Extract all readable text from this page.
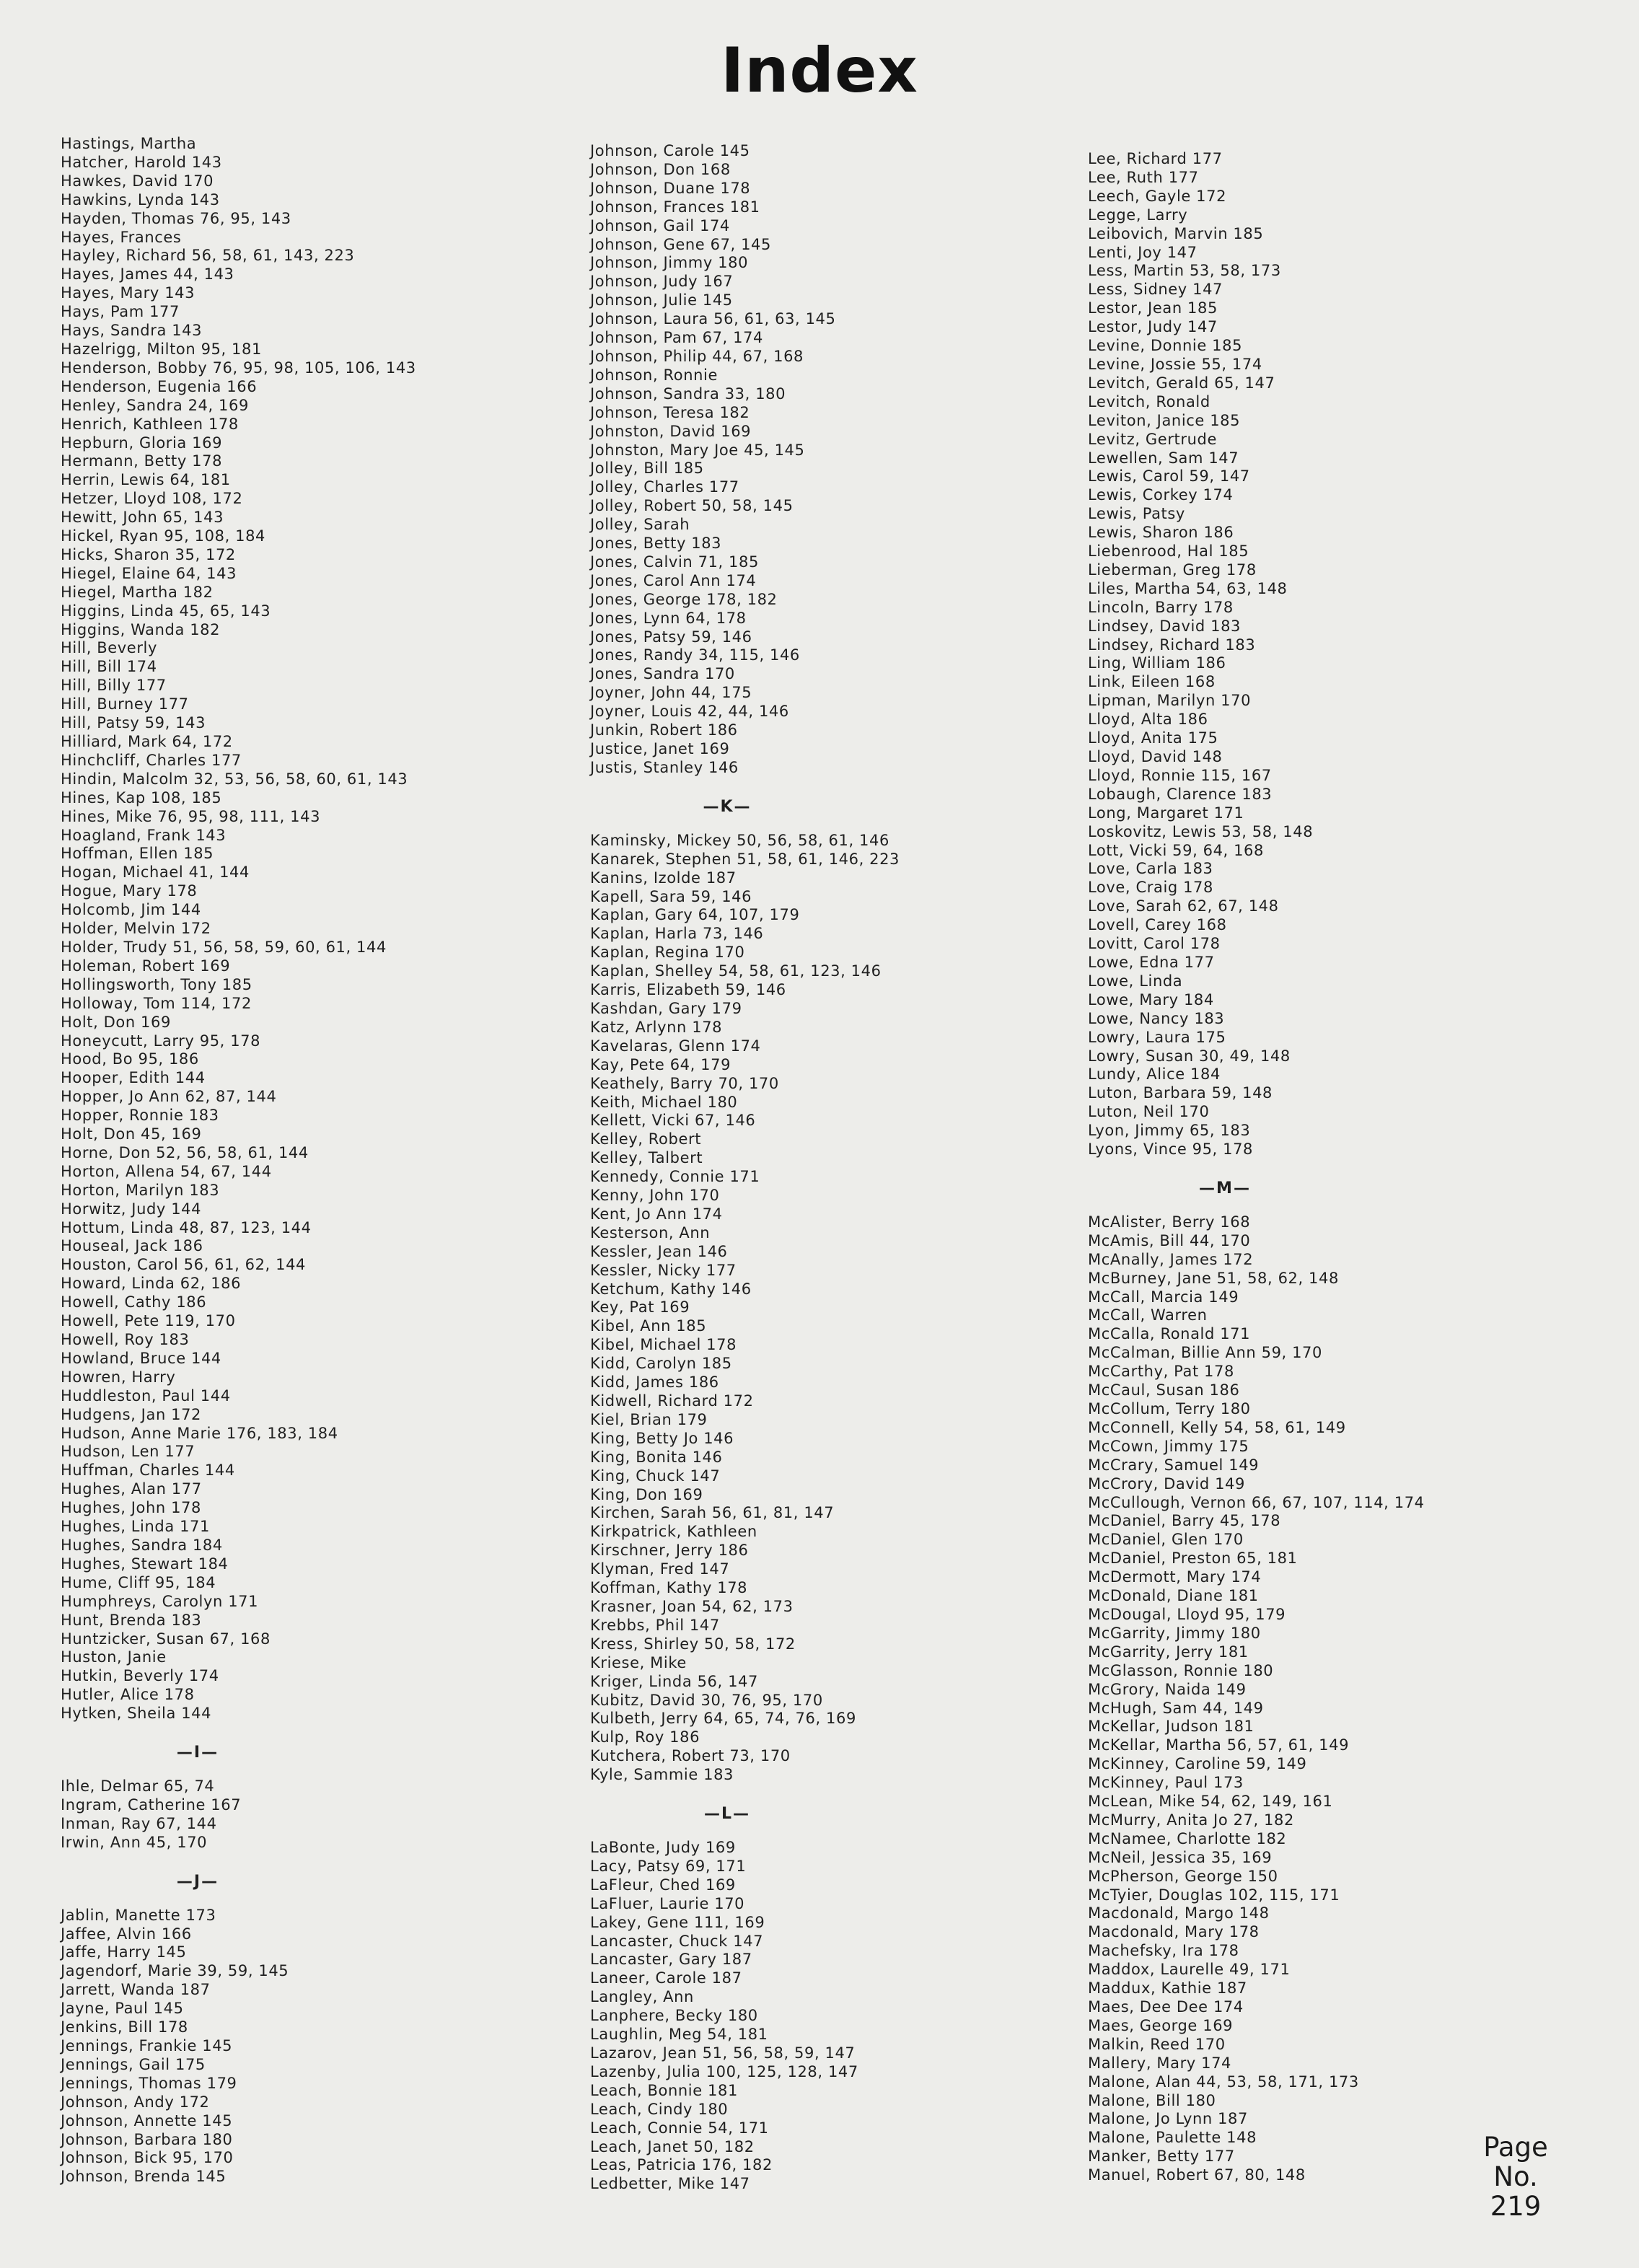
Index
Hastings, Martha
Hatcher, Harold 143
Hawkes, David 170
Hawkins, Lynda 143
Hayden, Thomas 76, 95, 143
Hayes, Frances
Hayley, Richard 56, 58, 61, 143, 223
Hayes, James 44, 143
Hayes, Mary 143
Hays, Pam 177
Hays, Sandra 143
Hazelrigg, Milton 95, 181
Henderson, Bobby 76, 95, 98, 105, 106, 143
Henderson, Eugenia 166
Henley, Sandra 24, 169
Henrich, Kathleen 178
Hepburn, Gloria 169
Hermann, Betty 178
Herrin, Lewis 64, 181
Hetzer, Lloyd 108, 172
Hewitt, John 65, 143
Hickel, Ryan 95, 108, 184
Hicks, Sharon 35, 172
Hiegel, Elaine 64, 143
Hiegel, Martha 182
Higgins, Linda 45, 65, 143
Higgins, Wanda 182
Hill, Beverly
Hill, Bill 174
Hill, Billy 177
Hill, Burney 177
Hill, Patsy 59, 143
Hilliard, Mark 64, 172
Hinchcliff, Charles 177
Hindin, Malcolm 32, 53, 56, 58, 60, 61, 143
Hines, Kap 108, 185
Hines, Mike 76, 95, 98, 111, 143
Hoagland, Frank 143
Hoffman, Ellen 185
Hogan, Michael 41, 144
Hogue, Mary 178
Holcomb, Jim 144
Holder, Melvin 172
Holder, Trudy 51, 56, 58, 59, 60, 61, 144
Holeman, Robert 169
Hollingsworth, Tony 185
Holloway, Tom 114, 172
Holt, Don 169
Honeycutt, Larry 95, 178
Hood, Bo 95, 186
Hooper, Edith 144
Hopper, Jo Ann 62, 87, 144
Hopper, Ronnie 183
Holt, Don 45, 169
Horne, Don 52, 56, 58, 61, 144
Horton, Allena 54, 67, 144
Horton, Marilyn 183
Horwitz, Judy 144
Hottum, Linda 48, 87, 123, 144
Houseal, Jack 186
Houston, Carol 56, 61, 62, 144
Howard, Linda 62, 186
Howell, Cathy 186
Howell, Pete 119, 170
Howell, Roy 183
Howland, Bruce 144
Howren, Harry
Huddleston, Paul 144
Hudgens, Jan 172
Hudson, Anne Marie 176, 183, 184
Hudson, Len 177
Huffman, Charles 144
Hughes, Alan 177
Hughes, John 178
Hughes, Linda 171
Hughes, Sandra 184
Hughes, Stewart 184
Hume, Cliff 95, 184
Humphreys, Carolyn 171
Hunt, Brenda 183
Huntzicker, Susan 67, 168
Huston, Janie
Hutkin, Beverly 174
Hutler, Alice 178
Hytken, Sheila 144
—I—
Ihle, Delmar 65, 74
Ingram, Catherine 167
Inman, Ray 67, 144
Irwin, Ann 45, 170
—J—
Jablin, Manette 173
Jaffee, Alvin 166
Jaffe, Harry 145
Jagendorf, Marie 39, 59, 145
Jarrett, Wanda 187
Jayne, Paul 145
Jenkins, Bill 178
Jennings, Frankie 145
Jennings, Gail 175
Jennings, Thomas 179
Johnson, Andy 172
Johnson, Annette 145
Johnson, Barbara 180
Johnson, Bick 95, 170
Johnson, Brenda 145
Johnson, Carole 145
Johnson, Don 168
Johnson, Duane 178
Johnson, Frances 181
Johnson, Gail 174
Johnson, Gene 67, 145
Johnson, Jimmy 180
Johnson, Judy 167
Johnson, Julie 145
Johnson, Laura 56, 61, 63, 145
Johnson, Pam 67, 174
Johnson, Philip 44, 67, 168
Johnson, Ronnie
Johnson, Sandra 33, 180
Johnson, Teresa 182
Johnston, David 169
Johnston, Mary Joe 45, 145
Jolley, Bill 185
Jolley, Charles 177
Jolley, Robert 50, 58, 145
Jolley, Sarah
Jones, Betty 183
Jones, Calvin 71, 185
Jones, Carol Ann 174
Jones, George 178, 182
Jones, Lynn 64, 178
Jones, Patsy 59, 146
Jones, Randy 34, 115, 146
Jones, Sandra 170
Joyner, John 44, 175
Joyner, Louis 42, 44, 146
Junkin, Robert 186
Justice, Janet 169
Justis, Stanley 146
—K—
Kaminsky, Mickey 50, 56, 58, 61, 146
Kanarek, Stephen 51, 58, 61, 146, 223
Kanins, Izolde 187
Kapell, Sara 59, 146
Kaplan, Gary 64, 107, 179
Kaplan, Harla 73, 146
Kaplan, Regina 170
Kaplan, Shelley 54, 58, 61, 123, 146
Karris, Elizabeth 59, 146
Kashdan, Gary 179
Katz, Arlynn 178
Kavelaras, Glenn 174
Kay, Pete 64, 179
Keathely, Barry 70, 170
Keith, Michael 180
Kellett, Vicki 67, 146
Kelley, Robert
Kelley, Talbert
Kennedy, Connie 171
Kenny, John 170
Kent, Jo Ann 174
Kesterson, Ann
Kessler, Jean 146
Kessler, Nicky 177
Ketchum, Kathy 146
Key, Pat 169
Kibel, Ann 185
Kibel, Michael 178
Kidd, Carolyn 185
Kidd, James 186
Kidwell, Richard 172
Kiel, Brian 179
King, Betty Jo 146
King, Bonita 146
King, Chuck 147
King, Don 169
Kirchen, Sarah 56, 61, 81, 147
Kirkpatrick, Kathleen
Kirschner, Jerry 186
Klyman, Fred 147
Koffman, Kathy 178
Krasner, Joan 54, 62, 173
Krebbs, Phil 147
Kress, Shirley 50, 58, 172
Kriese, Mike
Kriger, Linda 56, 147
Kubitz, David 30, 76, 95, 170
Kulbeth, Jerry 64, 65, 74, 76, 169
Kulp, Roy 186
Kutchera, Robert 73, 170
Kyle, Sammie 183
—L—
LaBonte, Judy 169
Lacy, Patsy 69, 171
LaFleur, Ched 169
LaFluer, Laurie 170
Lakey, Gene 111, 169
Lancaster, Chuck 147
Lancaster, Gary 187
Laneer, Carole 187
Langley, Ann
Lanphere, Becky 180
Laughlin, Meg 54, 181
Lazarov, Jean 51, 56, 58, 59, 147
Lazenby, Julia 100, 125, 128, 147
Leach, Bonnie 181
Leach, Cindy 180
Leach, Connie 54, 171
Leach, Janet 50, 182
Leas, Patricia 176, 182
Ledbetter, Mike 147
Lee, Richard 177
Lee, Ruth 177
Leech, Gayle 172
Legge, Larry
Leibovich, Marvin 185
Lenti, Joy 147
Less, Martin 53, 58, 173
Less, Sidney 147
Lestor, Jean 185
Lestor, Judy 147
Levine, Donnie 185
Levine, Jossie 55, 174
Levitch, Gerald 65, 147
Levitch, Ronald
Leviton, Janice 185
Levitz, Gertrude
Lewellen, Sam 147
Lewis, Carol 59, 147
Lewis, Corkey 174
Lewis, Patsy
Lewis, Sharon 186
Liebenrood, Hal 185
Lieberman, Greg 178
Liles, Martha 54, 63, 148
Lincoln, Barry 178
Lindsey, David 183
Lindsey, Richard 183
Ling, William 186
Link, Eileen 168
Lipman, Marilyn 170
Lloyd, Alta 186
Lloyd, Anita 175
Lloyd, David 148
Lloyd, Ronnie 115, 167
Lobaugh, Clarence 183
Long, Margaret 171
Loskovitz, Lewis 53, 58, 148
Lott, Vicki 59, 64, 168
Love, Carla 183
Love, Craig 178
Love, Sarah 62, 67, 148
Lovell, Carey 168
Lovitt, Carol 178
Lowe, Edna 177
Lowe, Linda
Lowe, Mary 184
Lowe, Nancy 183
Lowry, Laura 175
Lowry, Susan 30, 49, 148
Lundy, Alice 184
Luton, Barbara 59, 148
Luton, Neil 170
Lyon, Jimmy 65, 183
Lyons, Vince 95, 178
—M—
McAlister, Berry 168
McAmis, Bill 44, 170
McAnally, James 172
McBurney, Jane 51, 58, 62, 148
McCall, Marcia 149
McCall, Warren
McCalla, Ronald 171
McCalman, Billie Ann 59, 170
McCarthy, Pat 178
McCaul, Susan 186
McCollum, Terry 180
McConnell, Kelly 54, 58, 61, 149
McCown, Jimmy 175
McCrary, Samuel 149
McCrory, David 149
McCullough, Vernon 66, 67, 107, 114, 174
McDaniel, Barry 45, 178
McDaniel, Glen 170
McDaniel, Preston 65, 181
McDermott, Mary 174
McDonald, Diane 181
McDougal, Lloyd 95, 179
McGarrity, Jimmy 180
McGarrity, Jerry 181
McGlasson, Ronnie 180
McGrory, Naida 149
McHugh, Sam 44, 149
McKellar, Judson 181
McKellar, Martha 56, 57, 61, 149
McKinney, Caroline 59, 149
McKinney, Paul 173
McLean, Mike 54, 62, 149, 161
McMurry, Anita Jo 27, 182
McNamee, Charlotte 182
McNeil, Jessica 35, 169
McPherson, George 150
McTyier, Douglas 102, 115, 171
Macdonald, Margo 148
Macdonald, Mary 178
Machefsky, Ira 178
Maddox, Laurelle 49, 171
Maddux, Kathie 187
Maes, Dee Dee 174
Maes, George 169
Malkin, Reed 170
Mallery, Mary 174
Malone, Alan 44, 53, 58, 171, 173
Malone, Bill 180
Malone, Jo Lynn 187
Malone, Paulette 148
Manker, Betty 177
Manuel, Robert 67, 80, 148
Page
No.
219
